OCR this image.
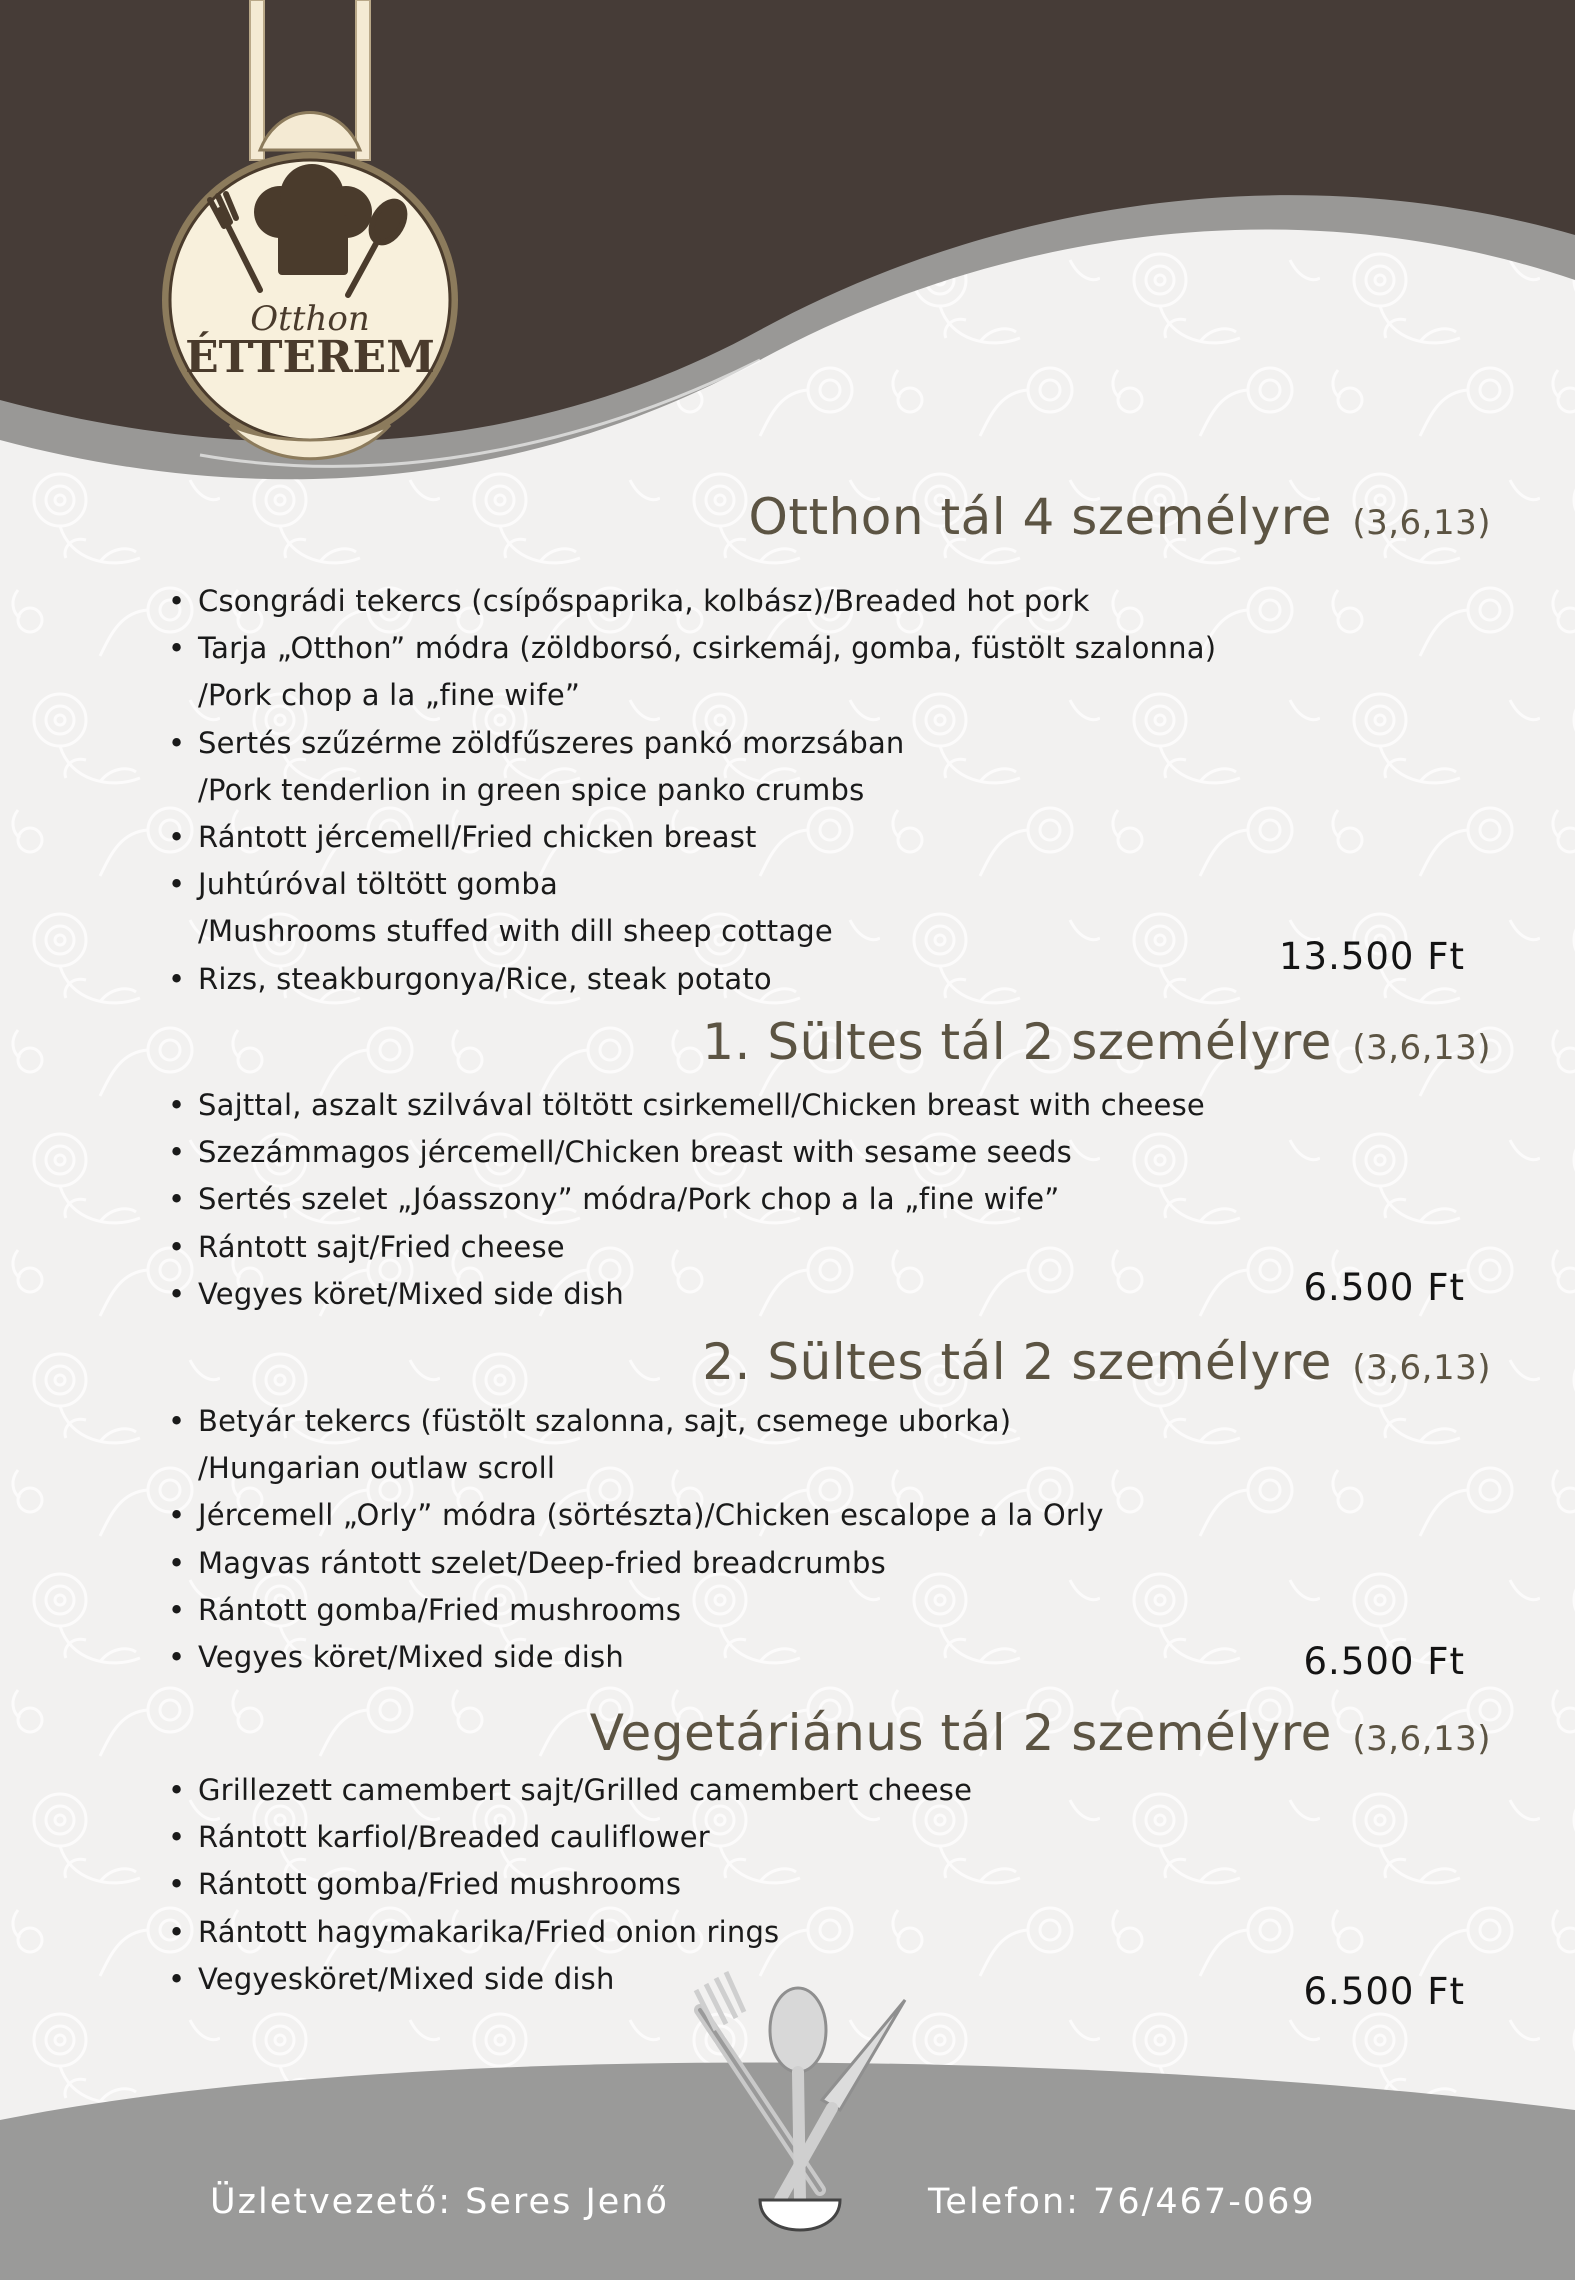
Otthon
ÉTTEREM
Otthon tál 4 személyre (3,6,13)
• Csongrádi tekercs (csípőspaprika, kolbász)/Breaded hot pork
• Tarja „Otthon” módra (zöldborsó, csirkemáj, gomba, füstölt szalonna)
/Pork chop a la „fine wife”
• Sertés szűzérme zöldfűszeres pankó morzsában
/Pork tenderlion in green spice panko crumbs
• Rántott jércemell/Fried chicken breast
• Juhtúróval töltött gomba
/Mushrooms stuffed with dill sheep cottage
• Rizs, steakburgonya/Rice, steak potato
13.500 Ft
1. Sültes tál 2 személyre (3,6,13)
• Sajttal, aszalt szilvával töltött csirkemell/Chicken breast with cheese
• Szezámmagos jércemell/Chicken breast with sesame seeds
• Sertés szelet „Jóasszony” módra/Pork chop a la „fine wife”
• Rántott sajt/Fried cheese
• Vegyes köret/Mixed side dish	6.500 Ft
2. Sültes tál 2 személyre (3,6,13)
• Betyár tekercs (füstölt szalonna, sajt, csemege uborka)
/Hungarian outlaw scroll
• Jércemell „Orly” módra (sörtészta)/Chicken escalope a la Orly
• Magvas rántott szelet/Deep-fried breadcrumbs
• Rántott gomba/Fried mushrooms
• Vegyes köret/Mixed side dish	6.500 Ft
Vegetáriánus tál 2 személyre (3,6,13)
• Grillezett camembert sajt/Grilled camembert cheese
• Rántott karfiol/Breaded cauliflower
• Rántott gomba/Fried mushrooms
• Rántott hagymakarika/Fried onion rings
• Vegyesköret/Mixed side dish	6.500 Ft
Üzletvezető: Seres Jenő	Telefon: 76/467-069
